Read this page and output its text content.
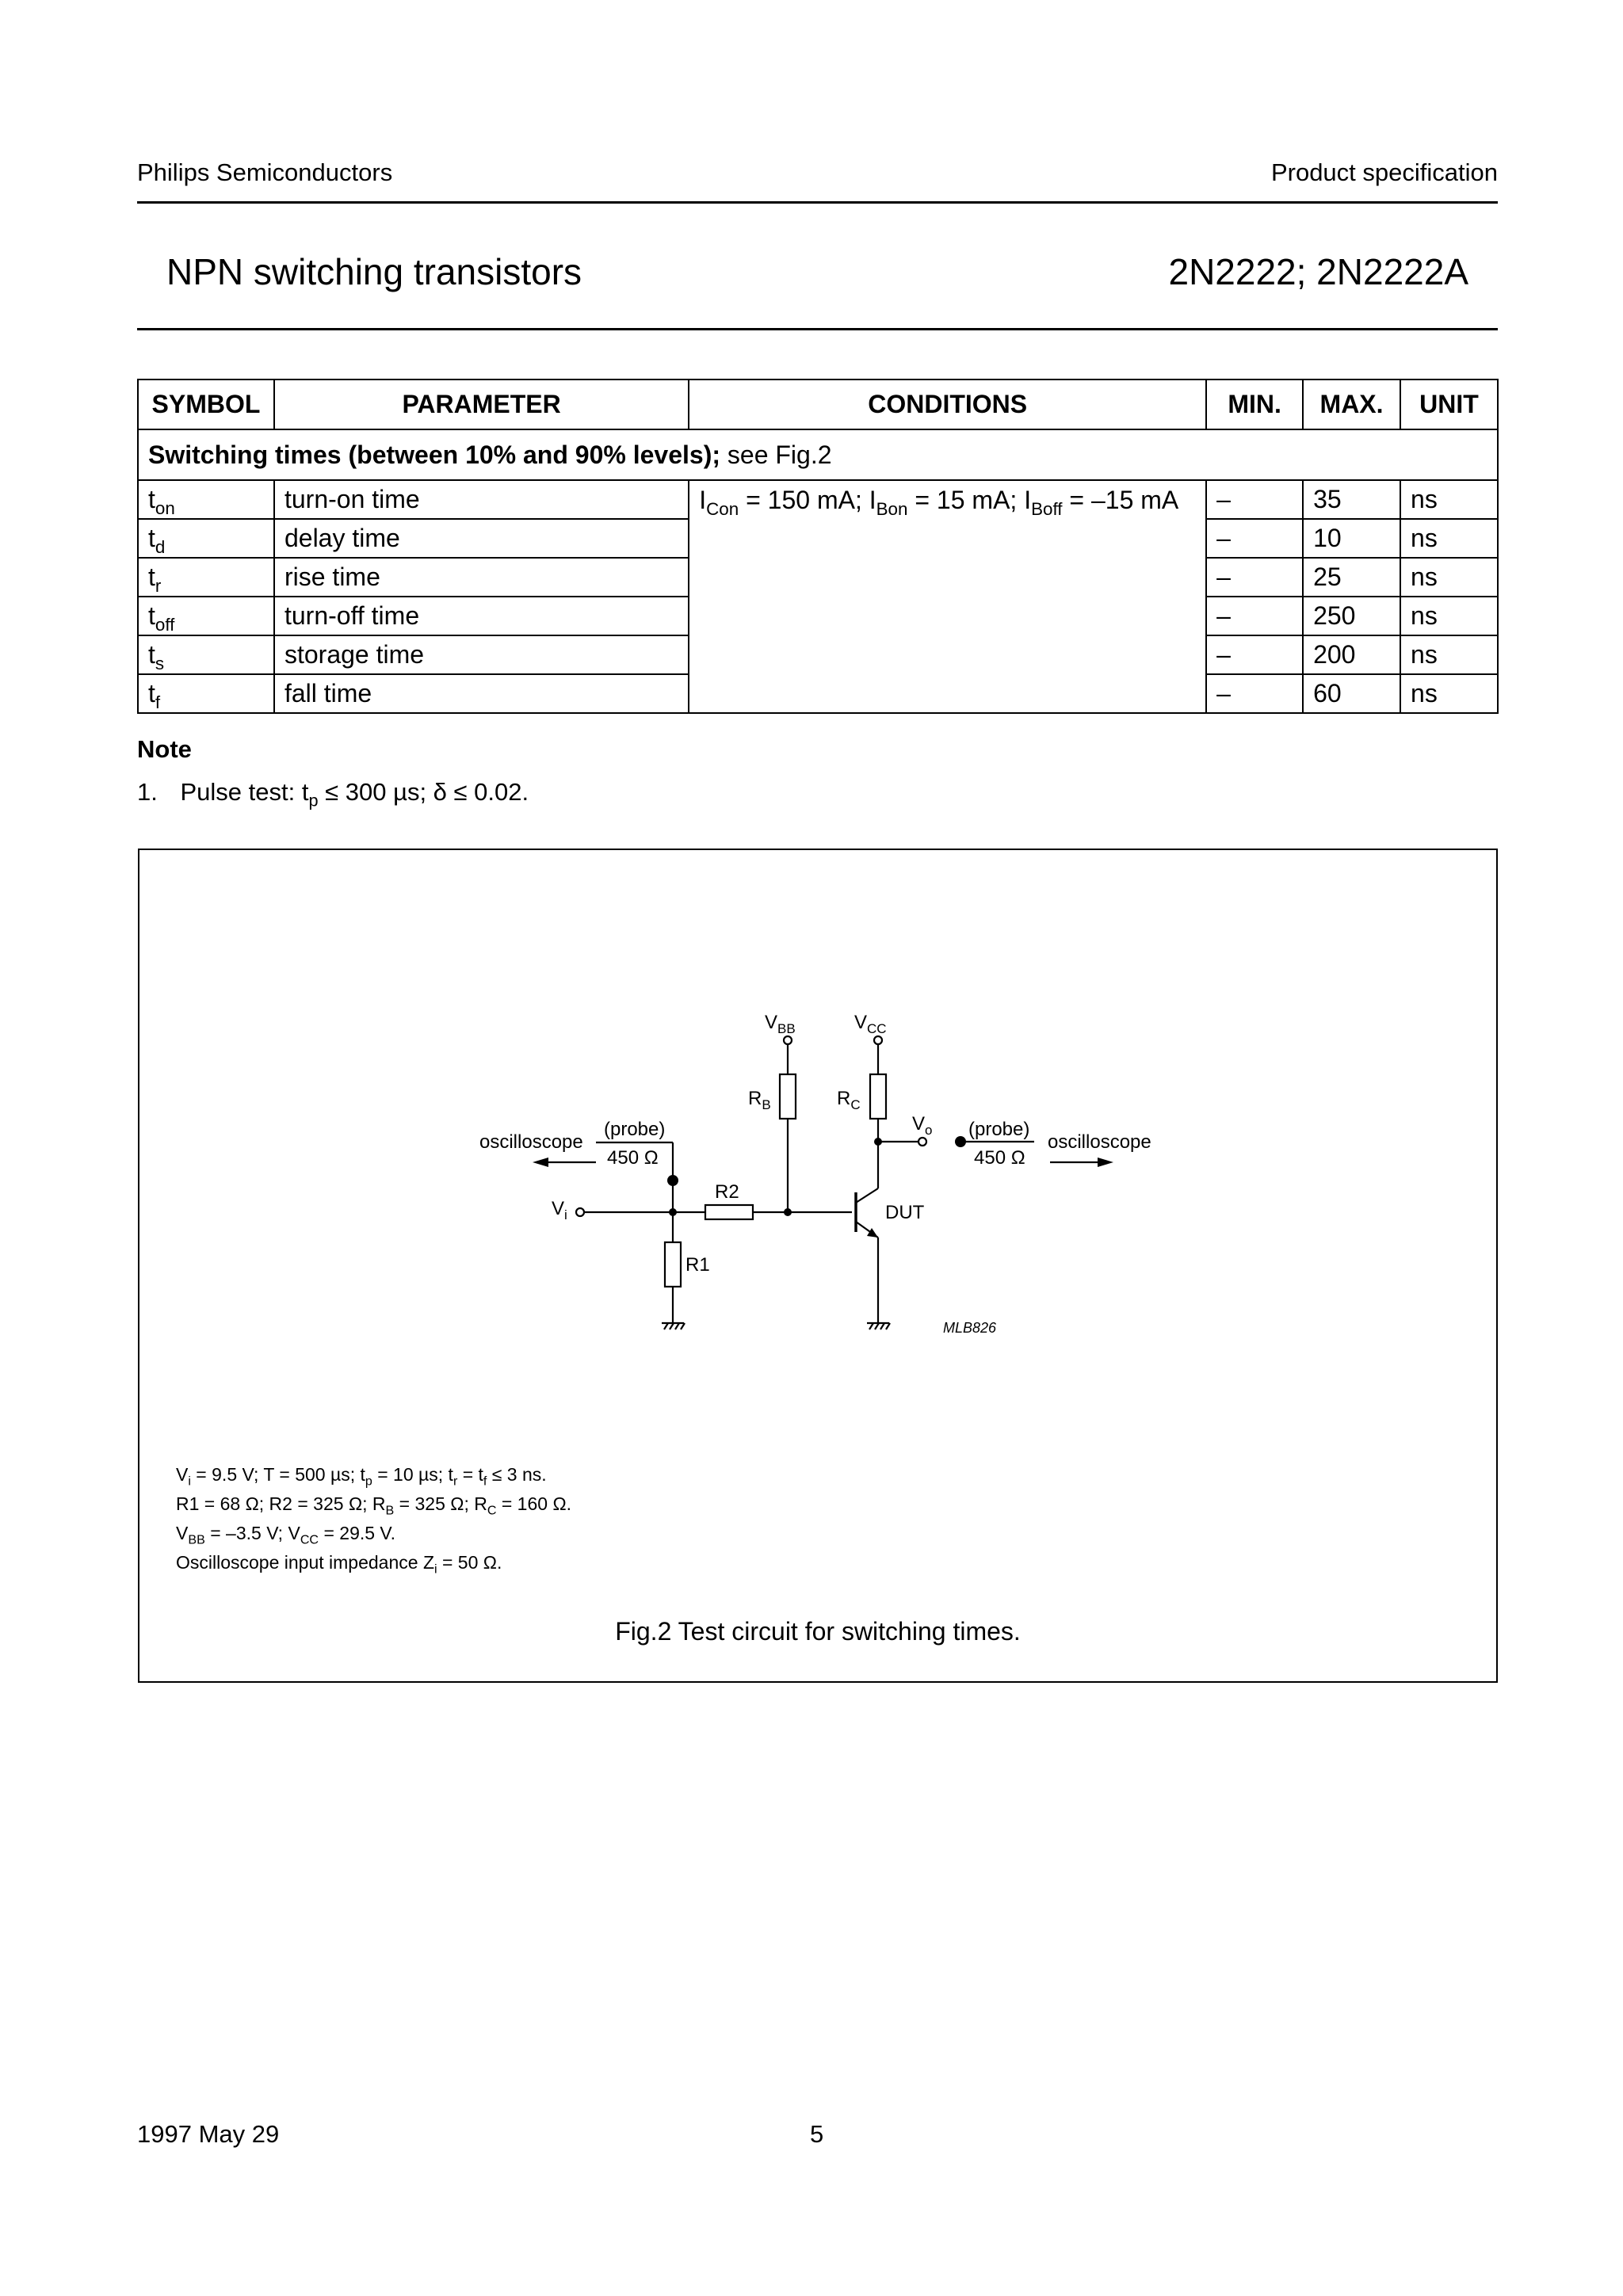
Philips Semiconductors	Product specification
NPN switching transistors	2N2222; 2N2222A
SYMBOL	PARAMETER	CONDITIONS	MIN.	MAX.	UNIT
Switching times (between 10% and 90% levels); see Fig.2					
$t_{on}$	turn-on time	$I_{Con} = 150$ mA; $I_{Bon} = 15$ mA; $I_{Boff} = -15$ mA	–	35	ns
$t_d$	delay time		–	10	ns
$t_r$	rise time		–	25	ns
$t_{off}$	turn-off time		–	250	ns
$t_s$	storage time		–	200	ns
$t_f$	fall time		–	60	ns
Note
1. Pulse test: $t_p \le 300$ µs; δ ≤ 0.02.
$V_{BB}$	$V_{CC}$
$R_B$	$R_C$
$V_o$
$V_i$
oscilloscope
(probe)
450 Ω
(probe)
450 Ω
oscilloscope
R2
R1
DUT
MLB826
$V_i = 9.5$ V; T = 500 µs; $t_p = 10$ µs; $t_r = t_f \le 3$ ns.
R1 = 68 Ω; R2 = 325 Ω; $R_B = 325$ Ω; $R_C = 160$ Ω.
$V_{BB} = -3.5$ V; $V_{CC} = 29.5$ V.
Oscilloscope input impedance $Z_i = 50$ Ω.
Fig.2 Test circuit for switching times.
1997 May 29	5
